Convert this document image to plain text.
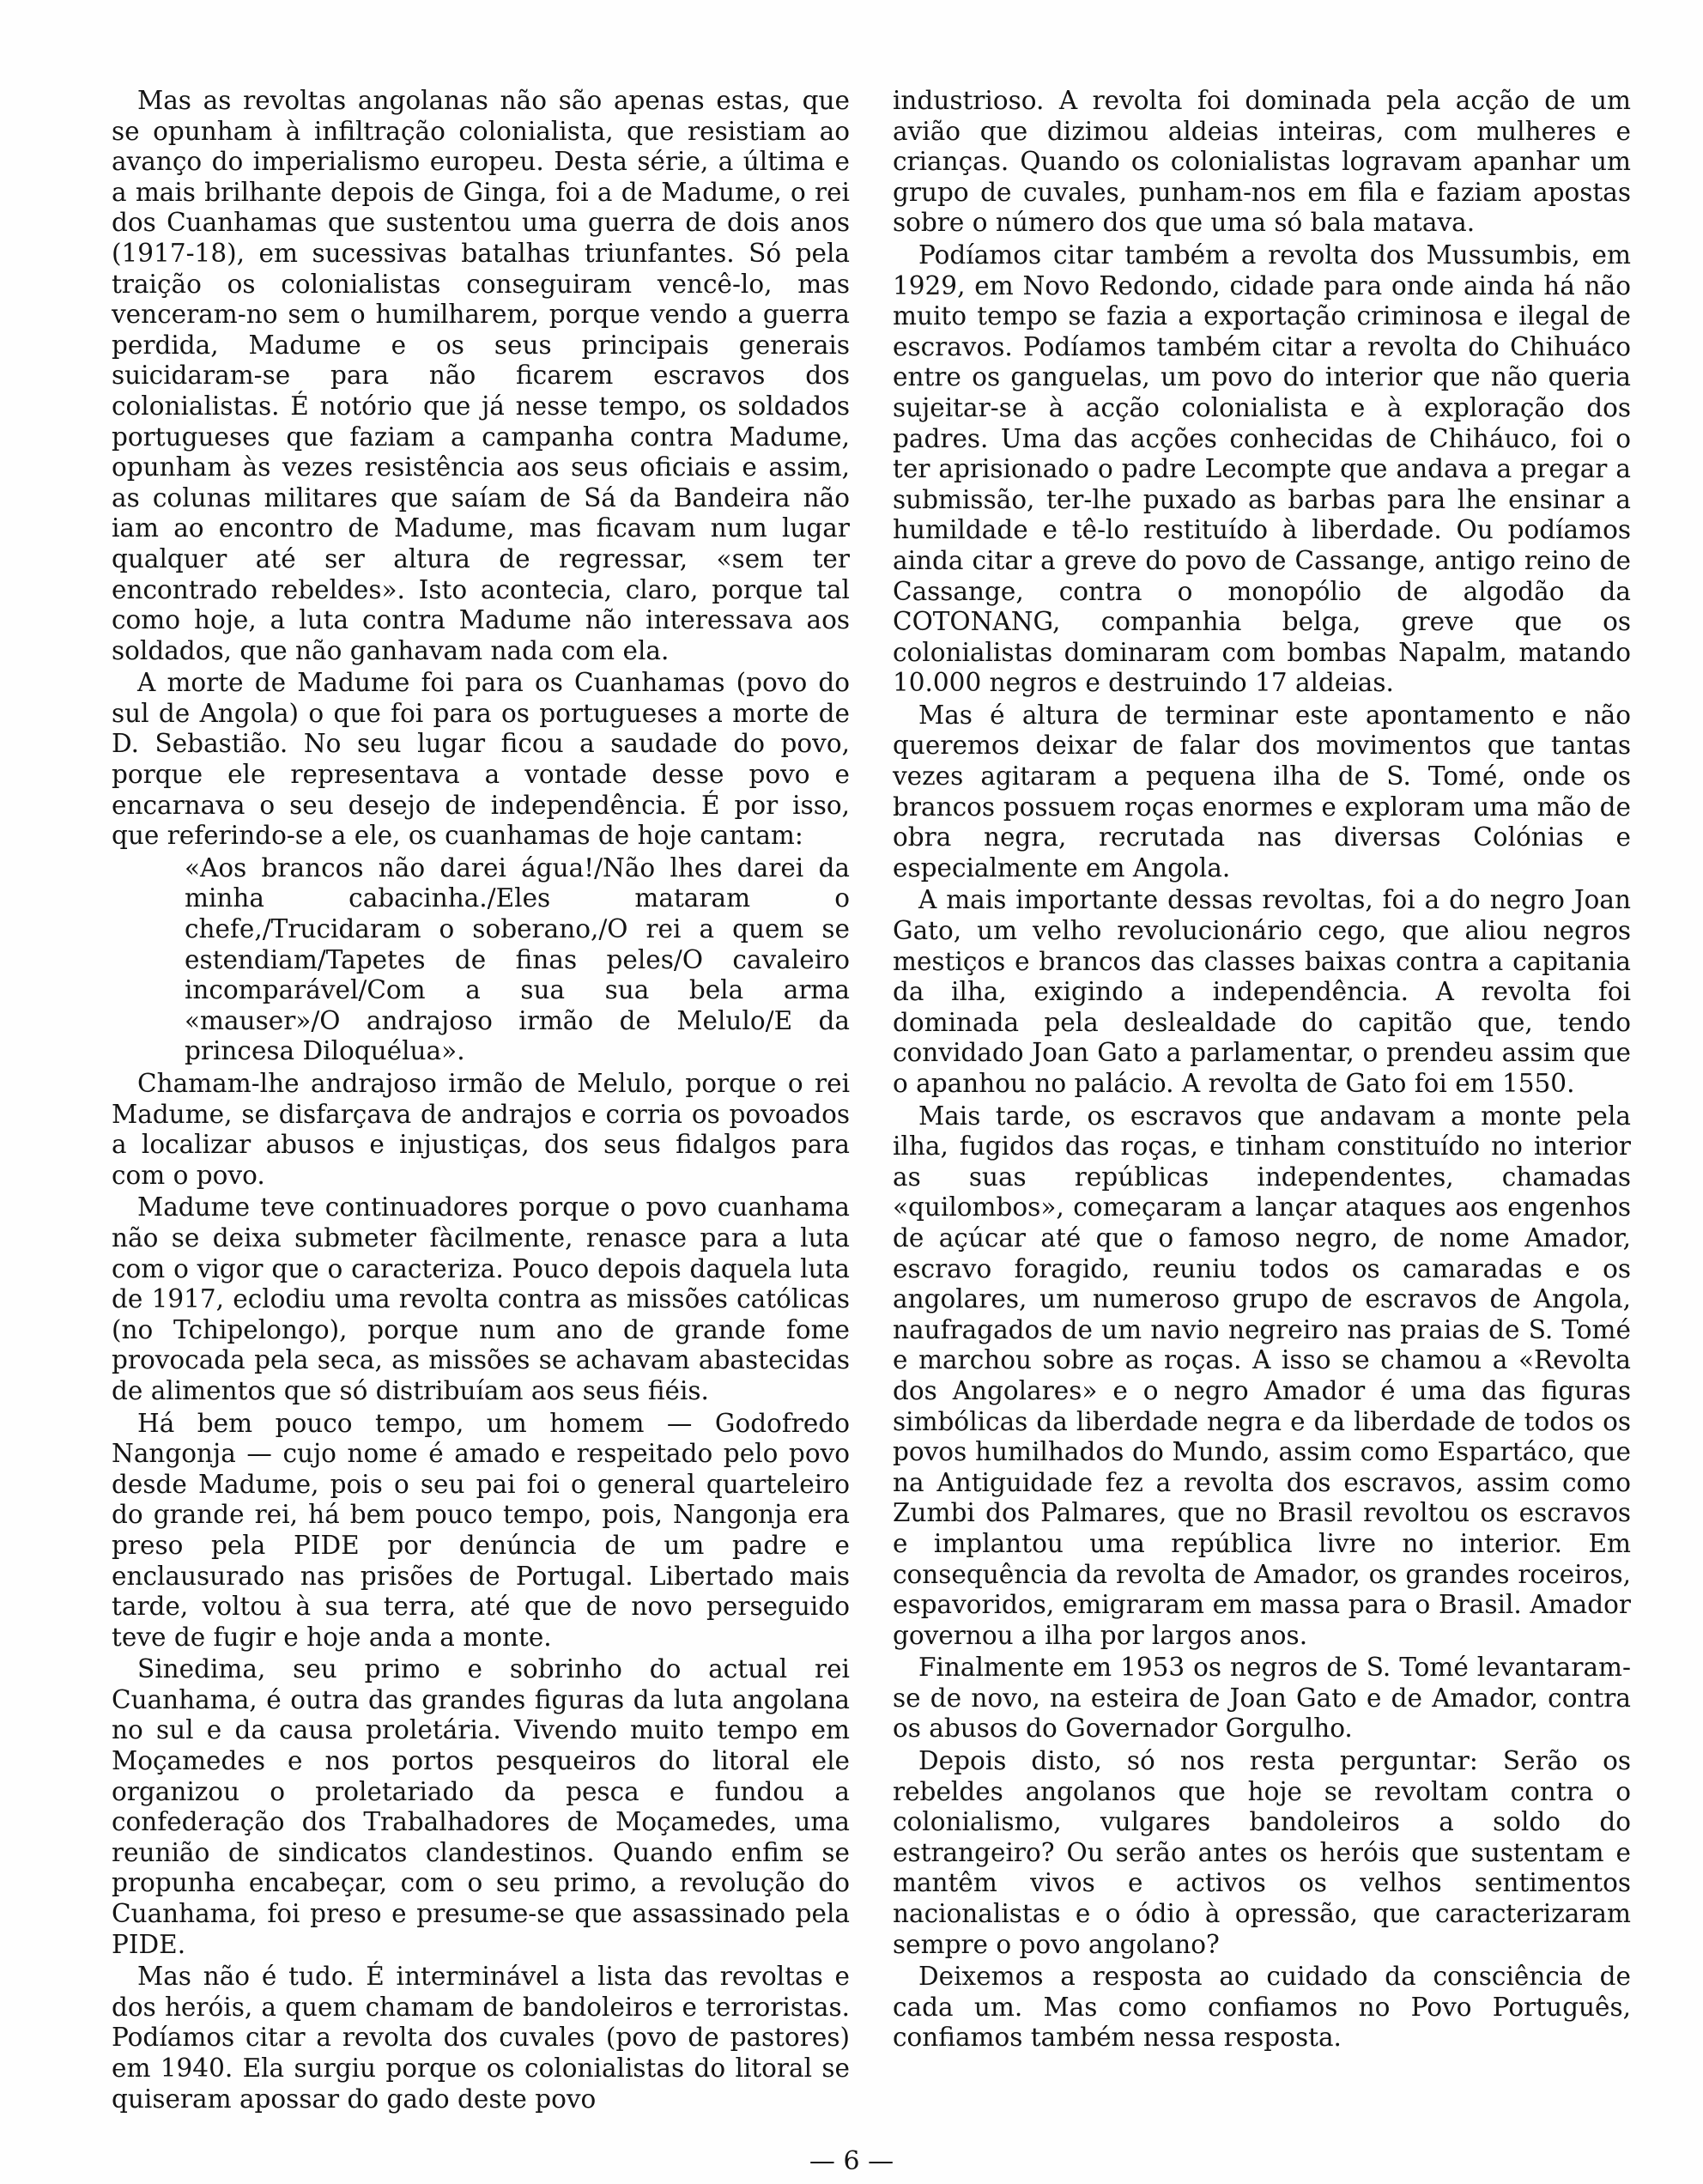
Mas as revoltas angolanas não são apenas estas, que se opunham à infiltração colonialista, que resistiam ao avanço do imperialismo europeu. Desta série, a última e a mais brilhante depois de Ginga, foi a de Madume, o rei dos Cuanhamas que sustentou uma guerra de dois anos (1917-18), em sucessivas batalhas triunfantes. Só pela traição os colonialistas conseguiram vencê-lo, mas venceram-no sem o humilharem, porque vendo a guerra perdida, Madume e os seus principais generais suicidaram-se para não ficarem escravos dos colonialistas. É notório que já nesse tempo, os soldados portugueses que faziam a campanha contra Madume, opunham às vezes resistência aos seus oficiais e assim, as colunas militares que saíam de Sá da Bandeira não iam ao encontro de Madume, mas ficavam num lugar qualquer até ser altura de regressar, «sem ter encontrado rebeldes». Isto acontecia, claro, porque tal como hoje, a luta contra Madume não interessava aos soldados, que não ganhavam nada com ela.

A morte de Madume foi para os Cuanhamas (povo do sul de Angola) o que foi para os portugueses a morte de D. Sebastião. No seu lugar ficou a saudade do povo, porque ele representava a vontade desse povo e encarnava o seu desejo de independência. É por isso, que referindo-se a ele, os cuanhamas de hoje cantam:

«Aos brancos não darei água!/Não lhes darei da minha cabacinha./Eles mataram o chefe,/Trucidaram o soberano,/O rei a quem se estendiam/Tapetes de finas peles/O cavaleiro incomparável/Com a sua sua bela arma «mauser»/O andrajoso irmão de Melulo/E da princesa Diloquélua».

Chamam-lhe andrajoso irmão de Melulo, porque o rei Madume, se disfarçava de andrajos e corria os povoados a localizar abusos e injustiças, dos seus fidalgos para com o povo.

Madume teve continuadores porque o povo cuanhama não se deixa submeter fàcilmente, renasce para a luta com o vigor que o caracteriza. Pouco depois daquela luta de 1917, eclodiu uma revolta contra as missões católicas (no Tchipelongo), porque num ano de grande fome provocada pela seca, as missões se achavam abastecidas de alimentos que só distribuíam aos seus fiéis.

Há bem pouco tempo, um homem — Godofredo Nangonja — cujo nome é amado e respeitado pelo povo desde Madume, pois o seu pai foi o general quarteleiro do grande rei, há bem pouco tempo, pois, Nangonja era preso pela PIDE por denúncia de um padre e enclausurado nas prisões de Portugal. Libertado mais tarde, voltou à sua terra, até que de novo perseguido teve de fugir e hoje anda a monte.

Sinedima, seu primo e sobrinho do actual rei Cuanhama, é outra das grandes figuras da luta angolana no sul e da causa proletária. Vivendo muito tempo em Moçamedes e nos portos pesqueiros do litoral ele organizou o proletariado da pesca e fundou a confederação dos Trabalhadores de Moçamedes, uma reunião de sindicatos clandestinos. Quando enfim se propunha encabeçar, com o seu primo, a revolução do Cuanhama, foi preso e presume-se que assassinado pela PIDE.

Mas não é tudo. É interminável a lista das revoltas e dos heróis, a quem chamam de bandoleiros e terroristas. Podíamos citar a revolta dos cuvales (povo de pastores) em 1940. Ela surgiu porque os colonialistas do litoral se quiseram apossar do gado deste povo

industrioso. A revolta foi dominada pela acção de um avião que dizimou aldeias inteiras, com mulheres e crianças. Quando os colonialistas logravam apanhar um grupo de cuvales, punham-nos em fila e faziam apostas sobre o número dos que uma só bala matava.

Podíamos citar também a revolta dos Mussumbis, em 1929, em Novo Redondo, cidade para onde ainda há não muito tempo se fazia a exportação criminosa e ilegal de escravos. Podíamos também citar a revolta do Chihuáco entre os ganguelas, um povo do interior que não queria sujeitar-se à acção colonialista e à exploração dos padres. Uma das acções conhecidas de Chiháuco, foi o ter aprisionado o padre Lecompte que andava a pregar a submissão, ter-lhe puxado as barbas para lhe ensinar a humildade e tê-lo restituído à liberdade. Ou podíamos ainda citar a greve do povo de Cassange, antigo reino de Cassange, contra o monopólio de algodão da COTONANG, companhia belga, greve que os colonialistas dominaram com bombas Napalm, matando 10.000 negros e destruindo 17 aldeias.

Mas é altura de terminar este apontamento e não queremos deixar de falar dos movimentos que tantas vezes agitaram a pequena ilha de S. Tomé, onde os brancos possuem roças enormes e exploram uma mão de obra negra, recrutada nas diversas Colónias e especialmente em Angola.

A mais importante dessas revoltas, foi a do negro Joan Gato, um velho revolucionário cego, que aliou negros mestiços e brancos das classes baixas contra a capitania da ilha, exigindo a independência. A revolta foi dominada pela deslealdade do capitão que, tendo convidado Joan Gato a parlamentar, o prendeu assim que o apanhou no palácio. A revolta de Gato foi em 1550.

Mais tarde, os escravos que andavam a monte pela ilha, fugidos das roças, e tinham constituído no interior as suas repúblicas independentes, chamadas «quilombos», começaram a lançar ataques aos engenhos de açúcar até que o famoso negro, de nome Amador, escravo foragido, reuniu todos os camaradas e os angolares, um numeroso grupo de escravos de Angola, naufragados de um navio negreiro nas praias de S. Tomé e marchou sobre as roças. A isso se chamou a «Revolta dos Angolares» e o negro Amador é uma das figuras simbólicas da liberdade negra e da liberdade de todos os povos humilhados do Mundo, assim como Espartáco, que na Antiguidade fez a revolta dos escravos, assim como Zumbi dos Palmares, que no Brasil revoltou os escravos e implantou uma república livre no interior. Em consequência da revolta de Amador, os grandes roceiros, espavoridos, emigraram em massa para o Brasil. Amador governou a ilha por largos anos.

Finalmente em 1953 os negros de S. Tomé levantaram-se de novo, na esteira de Joan Gato e de Amador, contra os abusos do Governador Gorgulho.

Depois disto, só nos resta perguntar: Serão os rebeldes angolanos que hoje se revoltam contra o colonialismo, vulgares bandoleiros a soldo do estrangeiro? Ou serão antes os heróis que sustentam e mantêm vivos e activos os velhos sentimentos nacionalistas e o ódio à opressão, que caracterizaram sempre o povo angolano?

Deixemos a resposta ao cuidado da consciência de cada um. Mas como confiamos no Povo Português, confiamos também nessa resposta.

— 6 —
